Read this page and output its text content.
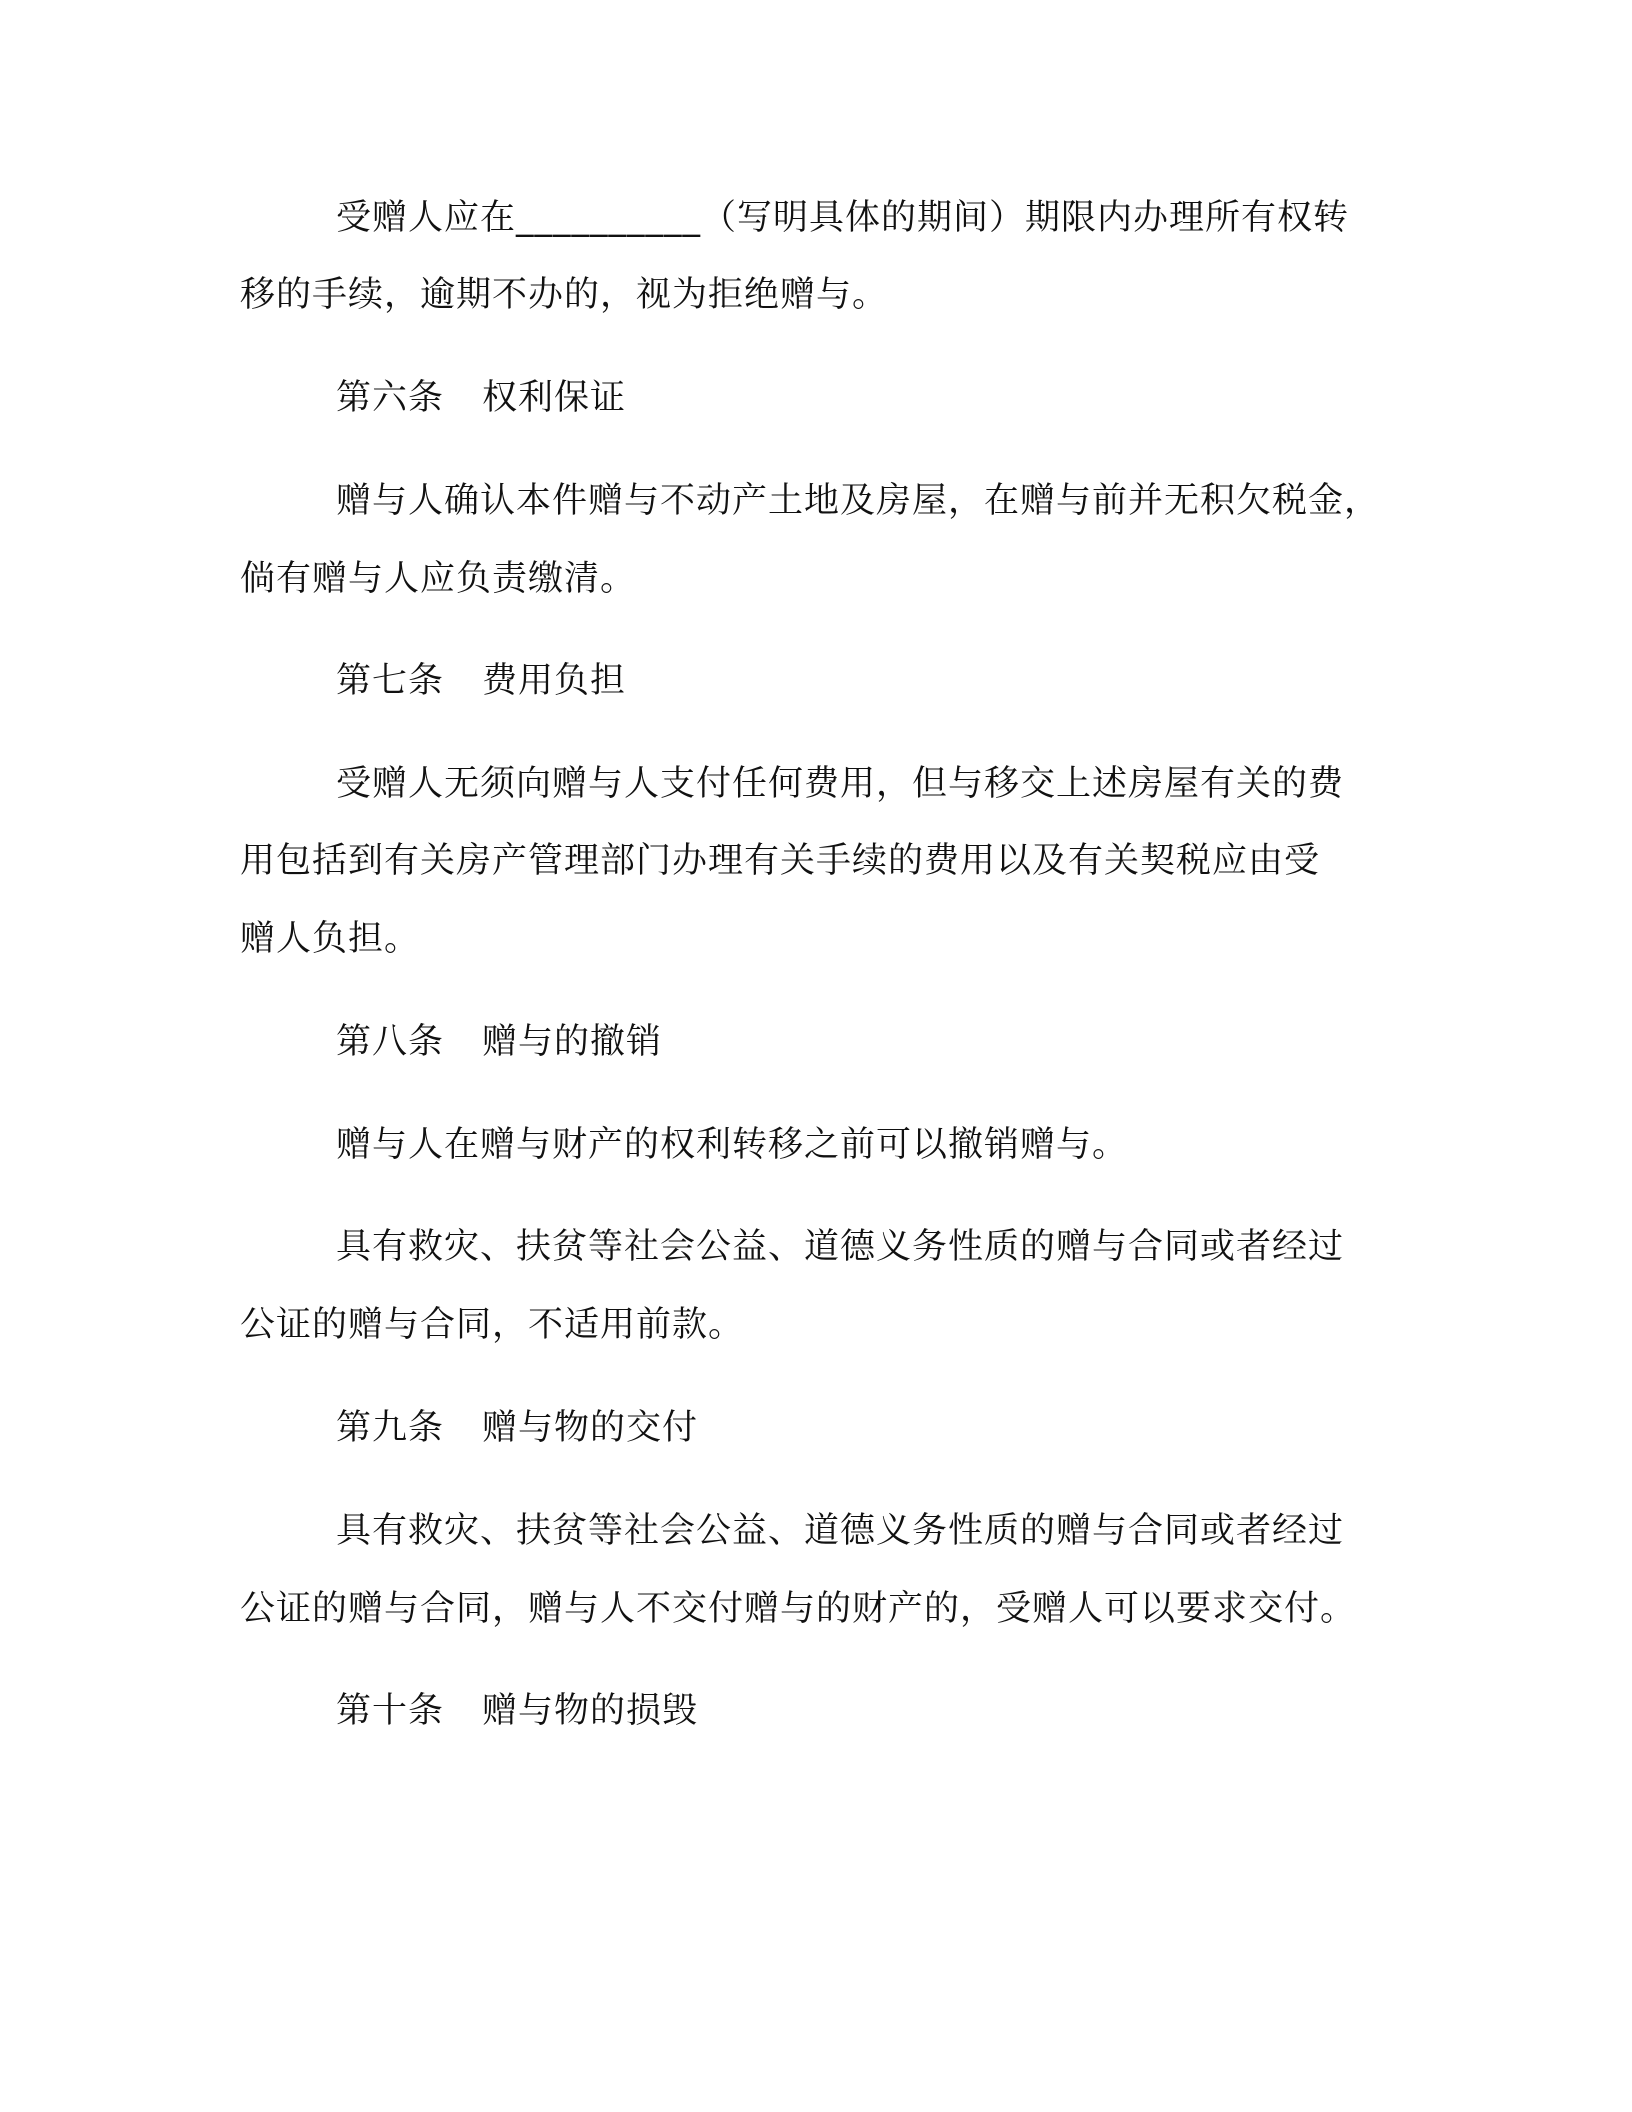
受赠人应在__________（写明具体的期间）期限内办理所有权转

移的手续，逾期不办的，视为拒绝赠与。

第六条 权利保证

赠与人确认本件赠与不动产土地及房屋，在赠与前并无积欠税金，

倘有赠与人应负责缴清。

第七条 费用负担

受赠人无须向赠与人支付任何费用，但与移交上述房屋有关的费

用包括到有关房产管理部门办理有关手续的费用以及有关契税应由受

赠人负担。

第八条 赠与的撤销

赠与人在赠与财产的权利转移之前可以撤销赠与。

具有救灾、扶贫等社会公益、道德义务性质的赠与合同或者经过

公证的赠与合同，不适用前款。

第九条 赠与物的交付

具有救灾、扶贫等社会公益、道德义务性质的赠与合同或者经过

公证的赠与合同，赠与人不交付赠与的财产的，受赠人可以要求交付。

第十条 赠与物的损毁
